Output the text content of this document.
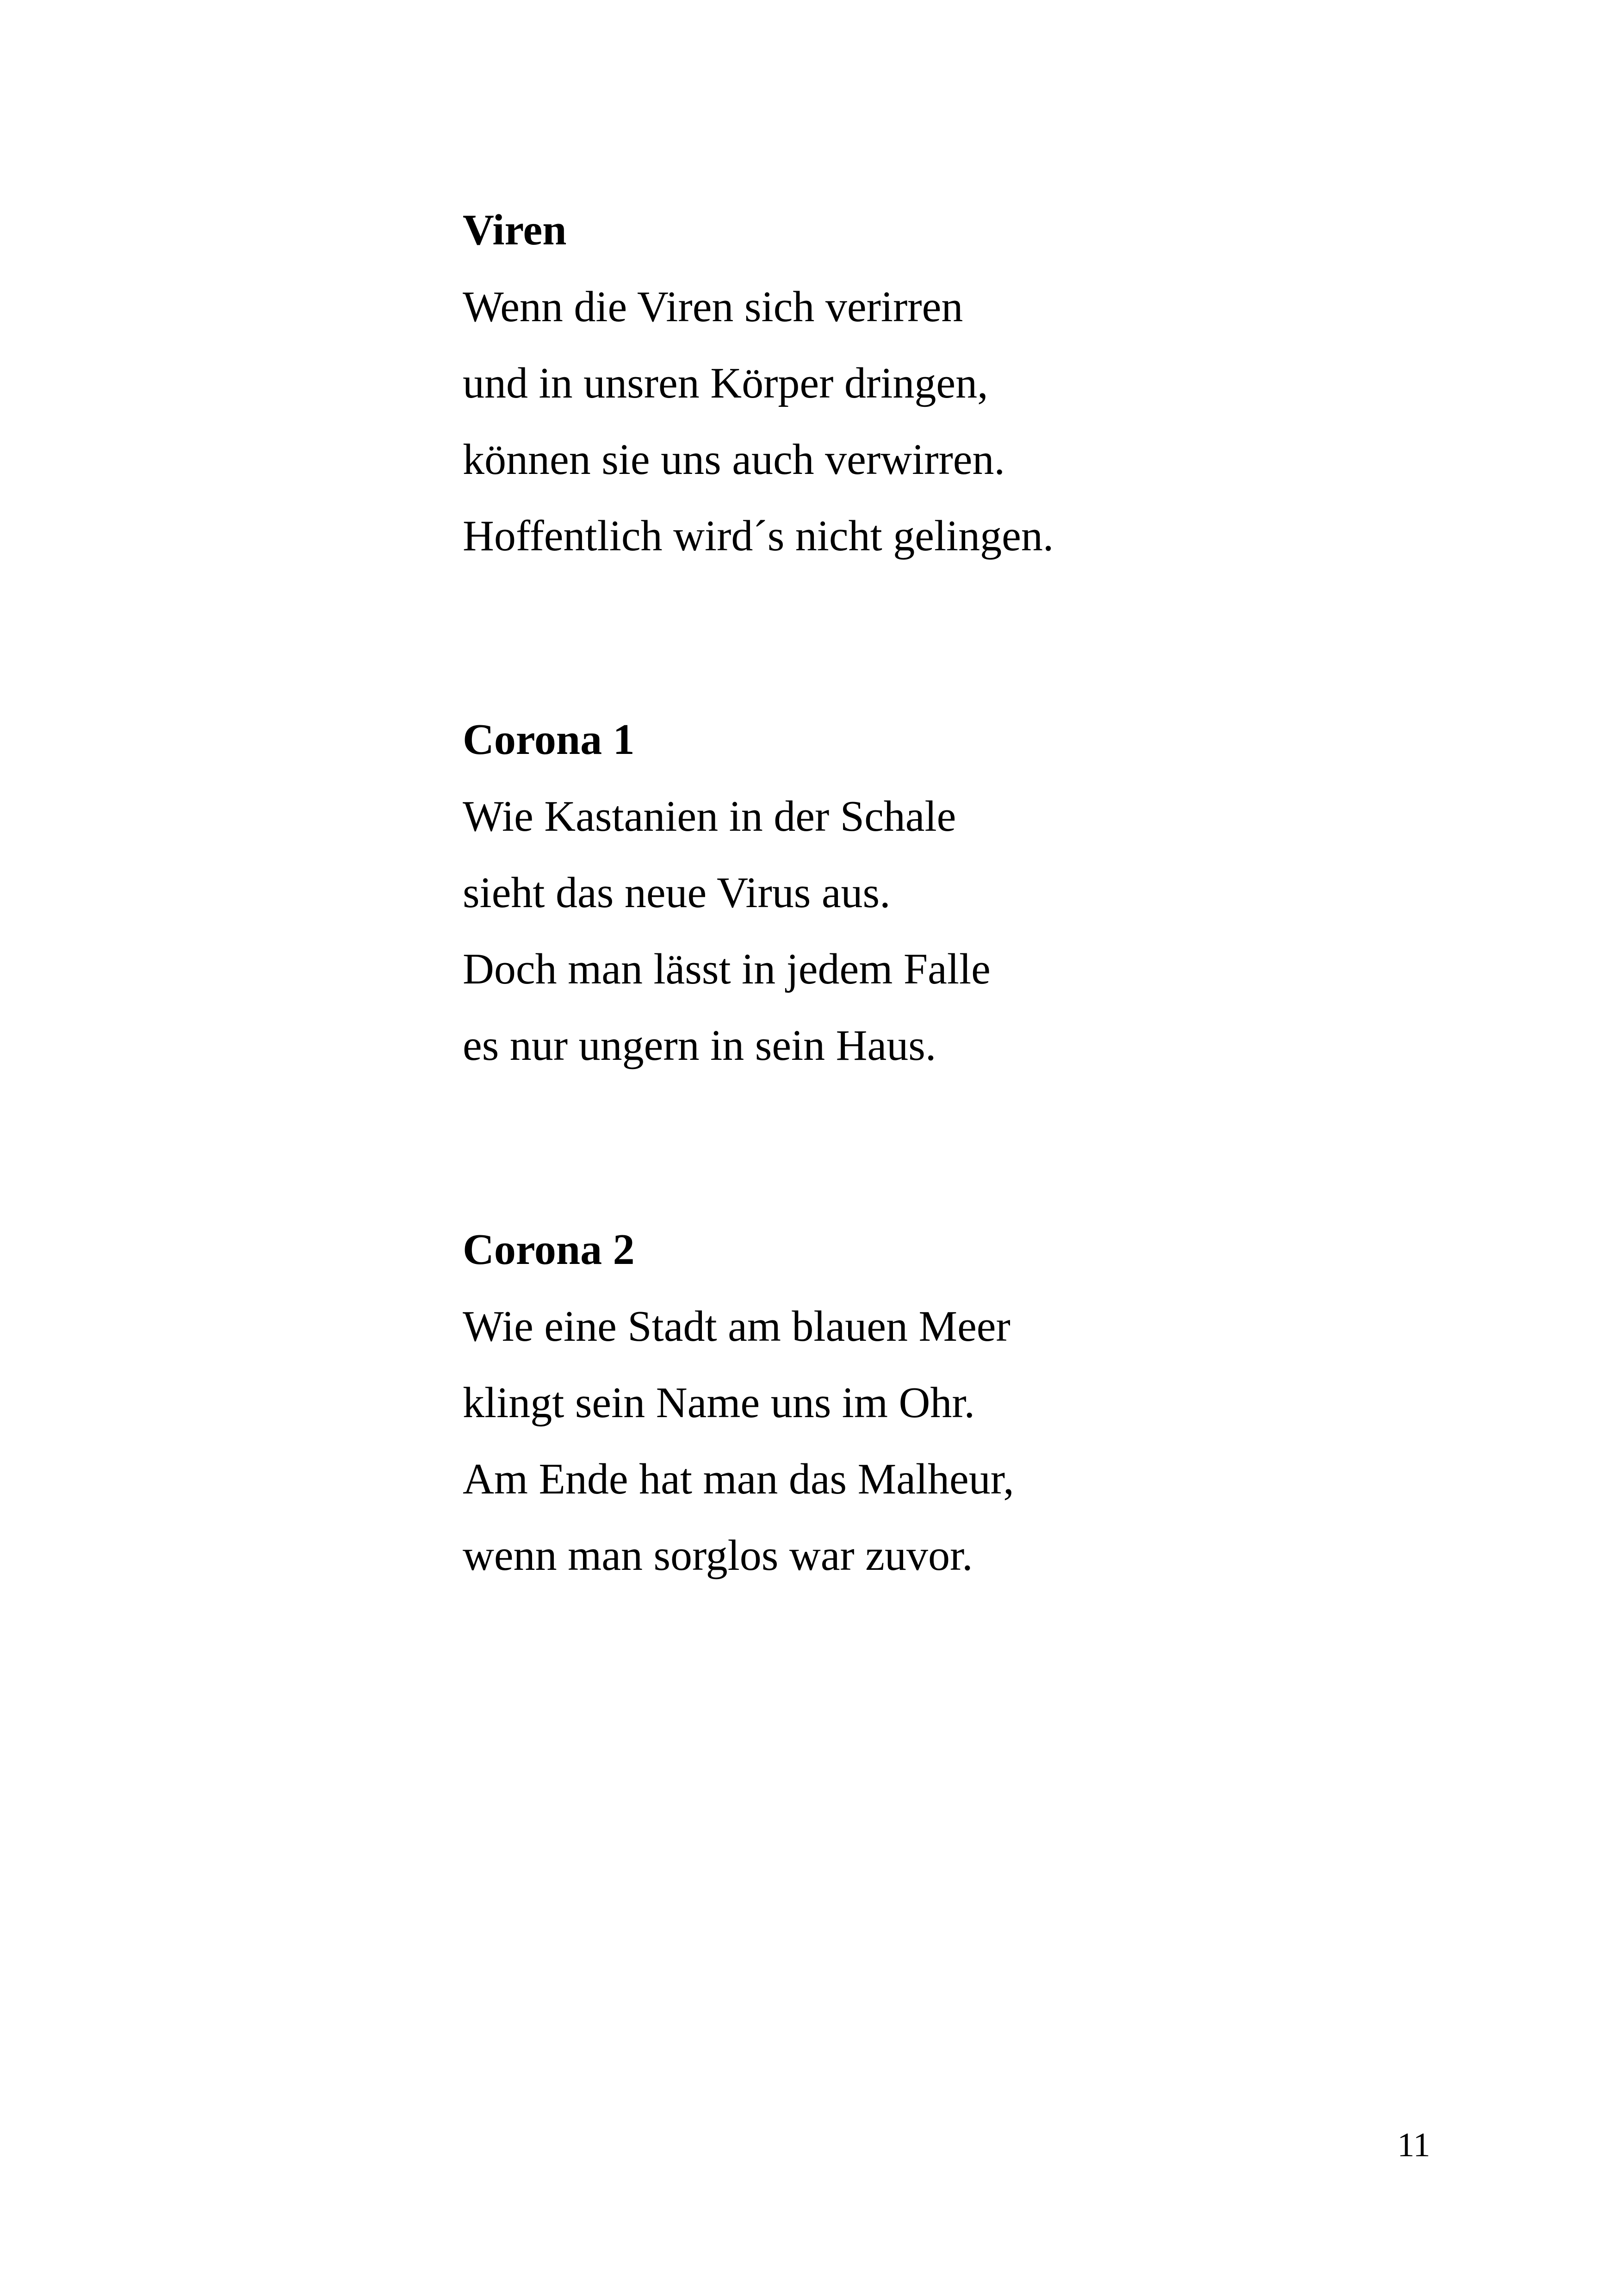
Viren
Wenn die Viren sich verirren
und in unsren Körper dringen,
können sie uns auch verwirren.
Hoffentlich wird´s nicht gelingen.
Corona 1
Wie Kastanien in der Schale
sieht das neue Virus aus.
Doch man lässt in jedem Falle
es nur ungern in sein Haus.
Corona 2
Wie eine Stadt am blauen Meer
klingt sein Name uns im Ohr.
Am Ende hat man das Malheur,
wenn man sorglos war zuvor.
11
